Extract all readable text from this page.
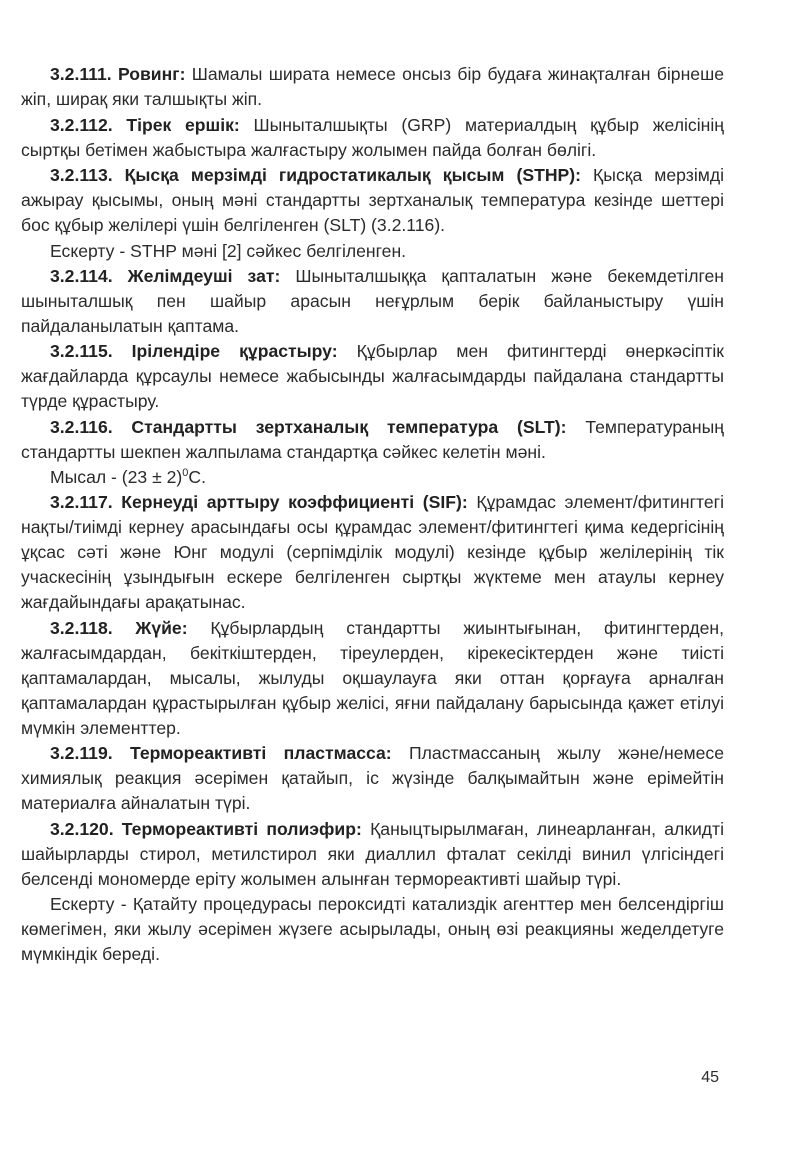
3.2.111. Ровинг: Шамалы ширата немесе онсыз бір будаға жинақталған бірнеше жіп, ширақ яки талшықты жіп.

3.2.112. Тірек ершік: Шыныталшықты (GRP) материалдың құбыр желісінің сыртқы бетімен жабыстыра жалғастыру жолымен пайда болған бөлігі.

3.2.113. Қысқа мерзімді гидростатикалық қысым (STHP): Қысқа мерзімді ажырау қысымы, оның мәні стандартты зертханалық температура кезінде шеттері бос құбыр желілері үшін белгіленген (SLT) (3.2.116).

Ескерту - STHP мәні [2] сәйкес белгіленген.

3.2.114. Желімдеуші зат: Шыныталшыққа қапталатын және бекемдетілген шыныталшық пен шайыр арасын неғұрлым берік байланыстыру үшін пайдаланылатын қаптама.

3.2.115. Ірілендіре құрастыру: Құбырлар мен фитингтерді өнеркәсіптік жағдайларда құрсаулы немесе жабысынды жалғасымдарды пайдалана стандартты түрде құрастыру.

3.2.116. Стандартты зертханалық температура (SLT): Температураның стандартты шекпен жалпылама стандартқа сәйкес келетін мәні.

Мысал - $(23 \pm 2)^0С$.

3.2.117. Кернеуді арттыру коэффициенті (SIF): Құрамдас элемент/фитингтегі нақты/тиімді кернеу арасындағы осы құрамдас элемент/фитингтегі қима кедергісінің ұқсас сәті және Юнг модулі (серпімділік модулі) кезінде құбыр желілерінің тік учаскесінің ұзындығын ескере белгіленген сыртқы жүктеме мен атаулы кернеу жағдайындағы арақатынас.

3.2.118. Жүйе: Құбырлардың стандартты жиынтығынан, фитингтерден, жалғасымдардан, бекіткіштерден, тіреулерден, кірекесіктерден және тиісті қаптамалардан, мысалы, жылуды оқшаулауға яки оттан қорғауға арналған қаптамалардан құрастырылған құбыр желісі, яғни пайдалану барысында қажет етілуі мүмкін элементтер.

3.2.119. Термореактивті пластмасса: Пластмассаның жылу және/немесе химиялық реакция әсерімен қатайып, іс жүзінде балқымайтын және ерімейтін материалға айналатын түрі.

3.2.120. Термореактивті полиэфир: Қаныцтырылмаған, линеарланған, алкидті шайырларды стирол, метилстирол яки диаллил фталат секілді винил үлгісіндегі белсенді мономерде еріту жолымен алынған термореактивті шайыр түрі.

Ескерту - Қатайту процедурасы пероксидті катализдік агенттер мен белсендіргіш көмегімен, яки жылу әсерімен жүзеге асырылады, оның өзі реакцияны жеделдетуге мүмкіндік береді.

45
